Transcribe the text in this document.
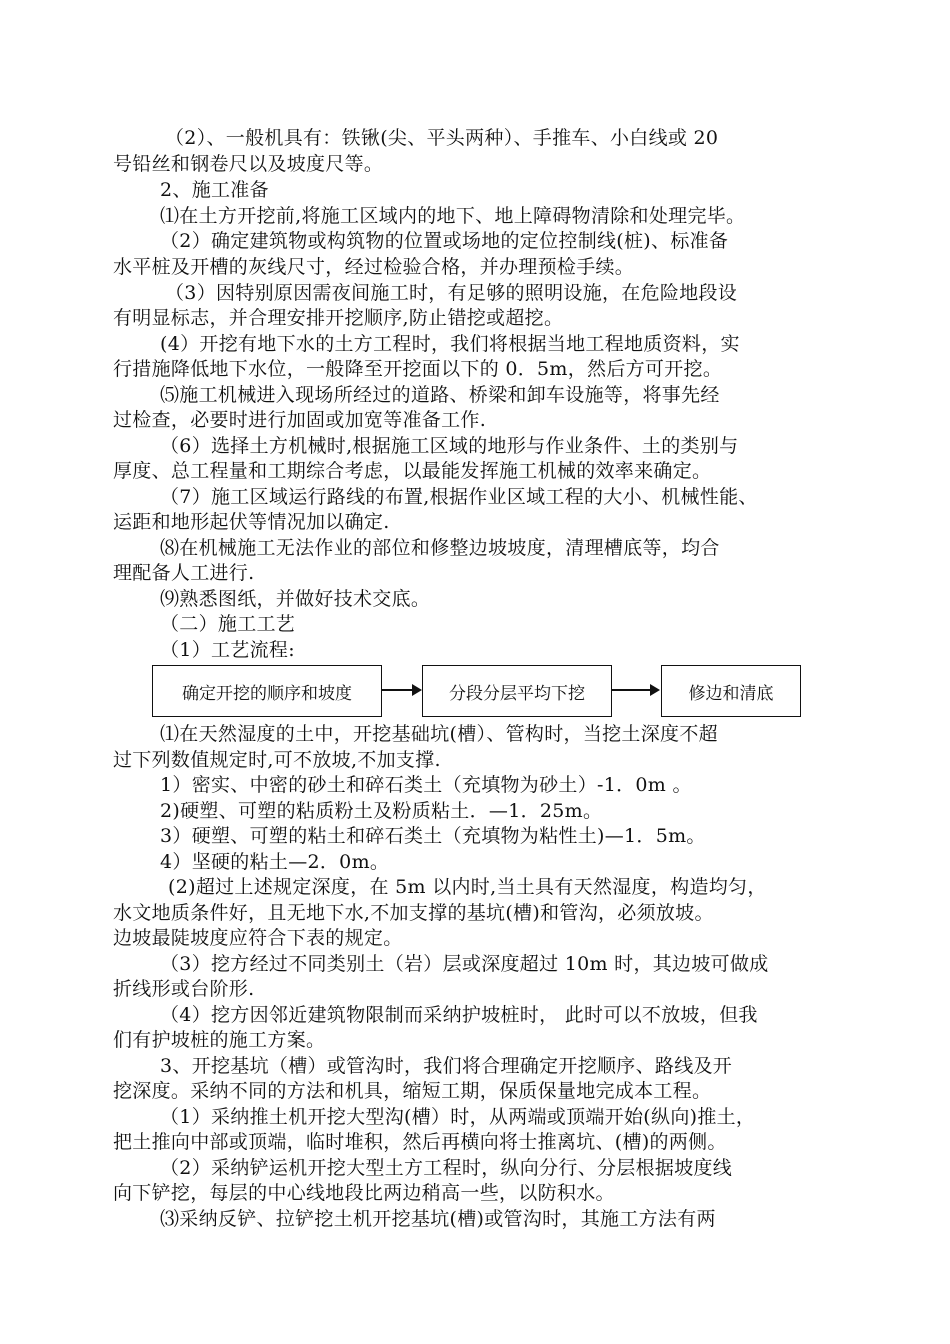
（2）、一般机具有：铁锹(尖、平头两种）、手推车、小白线或 20
号铅丝和钢卷尺以及坡度尺等。
2、施工准备
⑴在土方开挖前,将施工区域内的地下、地上障碍物清除和处理完毕。
（2）确定建筑物或构筑物的位置或场地的定位控制线(桩)、标准备
水平桩及开槽的灰线尺寸，经过检验合格，并办理预检手续。
（3）因特别原因需夜间施工时，有足够的照明设施，在危险地段设
有明显标志，并合理安排开挖顺序,防止错挖或超挖。
(4）开挖有地下水的土方工程时，我们将根据当地工程地质资料，实
行措施降低地下水位，一般降至开挖面以下的 0．5m，然后方可开挖。
⑸施工机械进入现场所经过的道路、桥梁和卸车设施等，将事先经
过检查，必要时进行加固或加宽等准备工作.
（6）选择土方机械时,根据施工区域的地形与作业条件、土的类别与
厚度、总工程量和工期综合考虑，以最能发挥施工机械的效率来确定。
（7）施工区域运行路线的布置,根据作业区域工程的大小、机械性能、
运距和地形起伏等情况加以确定.
⑻在机械施工无法作业的部位和修整边坡坡度，清理槽底等，均合
理配备人工进行.
⑼熟悉图纸，并做好技术交底。
（二）施工工艺
（1）工艺流程:
确定开挖的顺序和坡度	分段分层平均下挖	修边和清底
⑴在天然湿度的土中，开挖基础坑(槽）、管构时，当挖土深度不超
过下列数值规定时,可不放坡,不加支撑.
1）密实、中密的砂土和碎石类土（充填物为砂土）-1．0m 。
2)硬塑、可塑的粘质粉土及粉质粘土．—1．25m。
3）硬塑、可塑的粘土和碎石类土（充填物为粘性土)—1．5m。
4）坚硬的粘土—2．0m。
(2)超过上述规定深度，在 5m 以内时,当土具有天然湿度，构造均匀，
水文地质条件好，且无地下水,不加支撑的基坑(槽)和管沟，必须放坡。
边坡最陡坡度应符合下表的规定。
（3）挖方经过不同类别土（岩）层或深度超过 10m 时，其边坡可做成
折线形或台阶形.
（4）挖方因邻近建筑物限制而采纳护坡桩时， 此时可以不放坡，但我
们有护坡桩的施工方案。
3、开挖基坑（槽）或管沟时，我们将合理确定开挖顺序、路线及开
挖深度。采纳不同的方法和机具，缩短工期，保质保量地完成本工程。
（1）采纳推土机开挖大型沟(槽）时，从两端或顶端开始(纵向)推土，
把土推向中部或顶端，临时堆积，然后再横向将士推离坑、(槽)的两侧。
（2）采纳铲运机开挖大型土方工程时，纵向分行、分层根据坡度线
向下铲挖，每层的中心线地段比两边稍高一些，以防积水。
⑶采纳反铲、拉铲挖土机开挖基坑(槽)或管沟时，其施工方法有两
